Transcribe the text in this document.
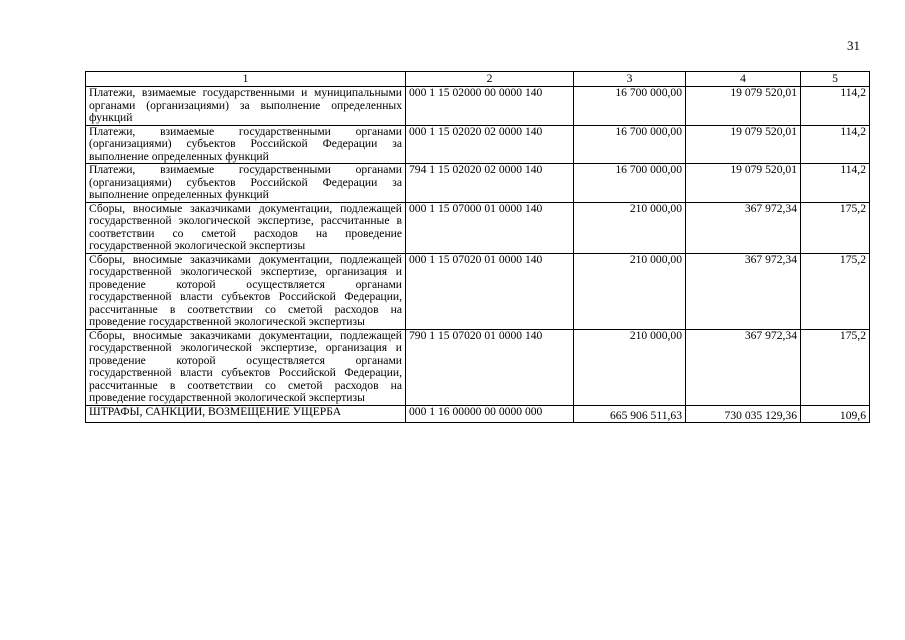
31
1	2	3	4	5
Платежи, взимаемые государственными и муниципальными органами (организациями) за выполнение определенных функций	000 1 15 02000 00 0000 140	16 700 000,00	19 079 520,01	114,2
Платежи, взимаемые государственными органами (организациями) субъектов Российской Федерации за выполнение определенных функций	000 1 15 02020 02 0000 140	16 700 000,00	19 079 520,01	114,2
Платежи, взимаемые государственными органами (организациями) субъектов Российской Федерации за выполнение определенных функций	794 1 15 02020 02 0000 140	16 700 000,00	19 079 520,01	114,2
Сборы, вносимые заказчиками документации, подлежащей государственной экологической экспертизе, рассчитанные в соответствии со сметой расходов на проведение государственной экологической экспертизы	000 1 15 07000 01 0000 140	210 000,00	367 972,34	175,2
Сборы, вносимые заказчиками документации, подлежащей государственной экологической экспертизе, организация и проведение которой осуществляется органами государственной власти субъектов Российской Федерации, рассчитанные в соответствии со сметой расходов на проведение государственной экологической экспертизы	000 1 15 07020 01 0000 140	210 000,00	367 972,34	175,2
Сборы, вносимые заказчиками документации, подлежащей государственной экологической экспертизе, организация и проведение которой осуществляется органами государственной власти субъектов Российской Федерации, рассчитанные в соответствии со сметой расходов на проведение государственной экологической экспертизы	790 1 15 07020 01 0000 140	210 000,00	367 972,34	175,2
ШТРАФЫ, САНКЦИИ, ВОЗМЕЩЕНИЕ УЩЕРБА	000 1 16 00000 00 0000 000	665 906 511,63	730 035 129,36	109,6
